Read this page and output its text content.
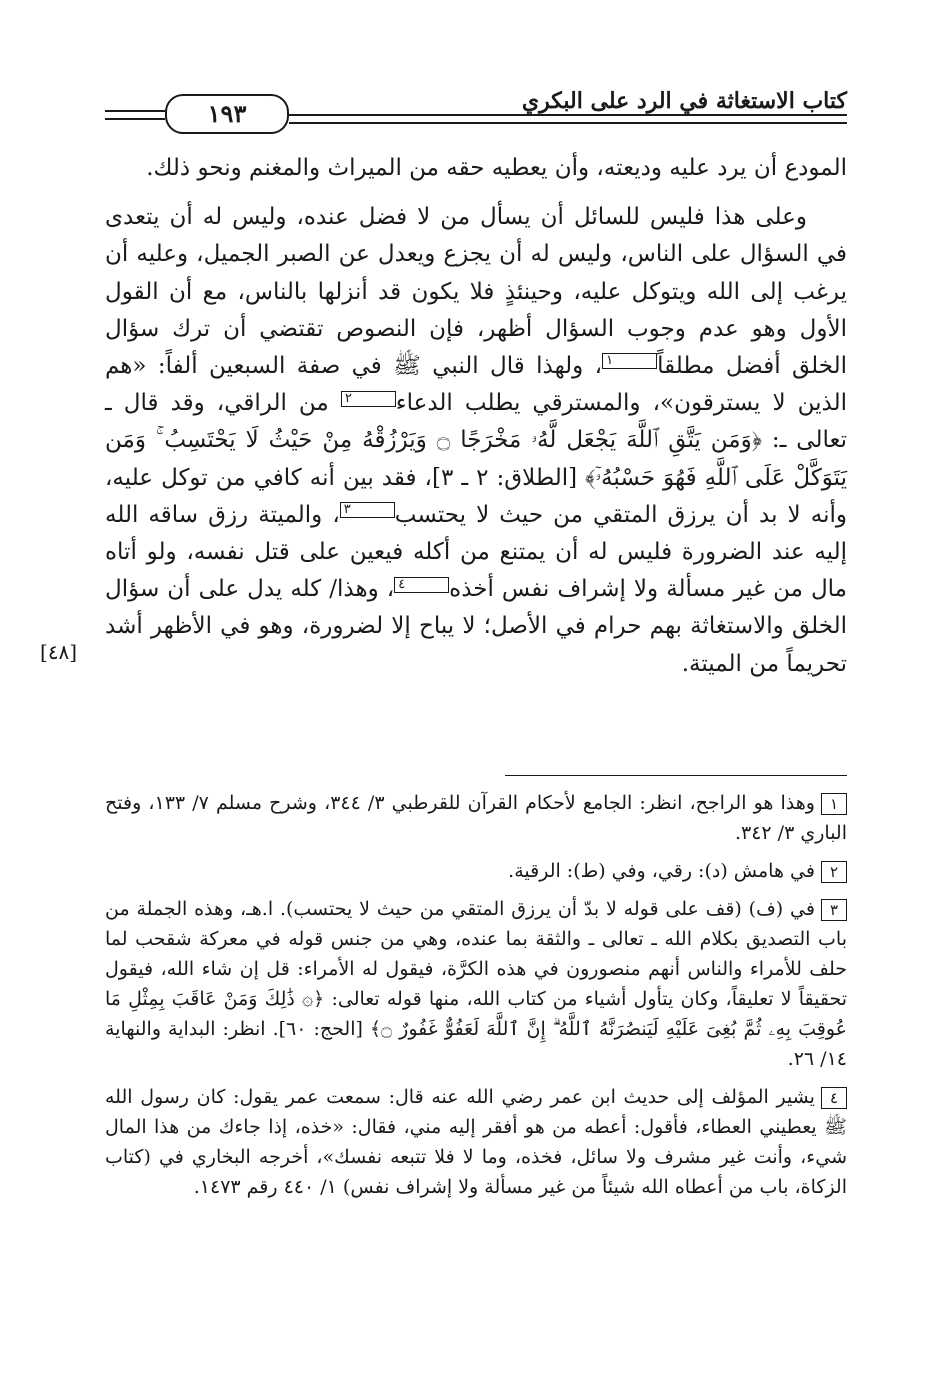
١٩٣	كتاب الاستغاثة في الرد على البكري

المودع أن يرد عليه وديعته، وأن يعطيه حقه من الميراث والمغنم ونحو ذلك.

وعلى هذا فليس للسائل أن يسأل من لا فضل عنده، وليس له أن يتعدى في السؤال على الناس، وليس له أن يجزع ويعدل عن الصبر الجميل، وعليه أن يرغب إلى الله ويتوكل عليه، وحينئذٍ فلا يكون قد أنزلها بالناس، مع أن القول الأول وهو عدم وجوب السؤال أظهر، فإن النصوص تقتضي أن ترك سؤال الخلق أفضل مطلقاً١، ولهذا قال النبي ﷺ في صفة السبعين ألفاً: «هم الذين لا يسترقون»، والمسترقي يطلب الدعاء٢ من الراقي، وقد قال ـ تعالى ـ: ﴿وَمَن يَتَّقِ ٱللَّهَ يَجْعَل لَّهُۥ مَخْرَجًا ۝ وَيَرْزُقْهُ مِنْ حَيْثُ لَا يَحْتَسِبُ ۚ وَمَن يَتَوَكَّلْ عَلَى ٱللَّهِ فَهُوَ حَسْبُهُۥٓ﴾ [الطلاق: ٢ ـ ٣]، فقد بين أنه كافي من توكل عليه، وأنه لا بد أن يرزق المتقي من حيث لا يحتسب٣، والميتة رزق ساقه الله إليه عند الضرورة فليس له أن يمتنع من أكله فيعين على قتل نفسه، ولو أتاه مال من غير مسألة ولا إشراف نفس أخذه٤، وهذا/ كله يدل على أن سؤال الخلق والاستغاثة بهم حرام في الأصل؛ لا يباح إلا لضرورة، وهو في الأظهر أشد تحريماً من الميتة.

[٤٨]

١وهذا هو الراجح، انظر: الجامع لأحكام القرآن للقرطبي ٣/ ٣٤٤، وشرح مسلم ٧/ ١٣٣، وفتح الباري ٣/ ٣٤٢.

٢في هامش (د): رقي، وفي (ط): الرقية.

٣في (ف) (قف على قوله لا بدّ أن يرزق المتقي من حيث لا يحتسب). ا.هـ، وهذه الجملة من باب التصديق بكلام الله ـ تعالى ـ والثقة بما عنده، وهي من جنس قوله في معركة شقحب لما حلف للأمراء والناس أنهم منصورون في هذه الكرَّة، فيقول له الأمراء: قل إن شاء الله، فيقول تحقيقاً لا تعليقاً، وكان يتأول أشياء من كتاب الله، منها قوله تعالى: ﴿۞ ذَٰلِكَ وَمَنْ عَاقَبَ بِمِثْلِ مَا عُوقِبَ بِهِۦ ثُمَّ بُغِىَ عَلَيْهِ لَيَنصُرَنَّهُ ٱللَّهُ ۗ إِنَّ ٱللَّهَ لَعَفُوٌّ غَفُورٌ ۝﴾ [الحج: ٦٠]. انظر: البداية والنهاية ١٤/ ٢٦.

٤يشير المؤلف إلى حديث ابن عمر رضي الله عنه قال: سمعت عمر يقول: كان رسول الله ﷺ يعطيني العطاء، فأقول: أعطه من هو أفقر إليه مني، فقال: «خذه، إذا جاءك من هذا المال شيء، وأنت غير مشرف ولا سائل، فخذه، وما لا فلا تتبعه نفسك»، أخرجه البخاري في (كتاب الزكاة، باب من أعطاه الله شيئاً من غير مسألة ولا إشراف نفس) ١/ ٤٤٠ رقم ١٤٧٣.
